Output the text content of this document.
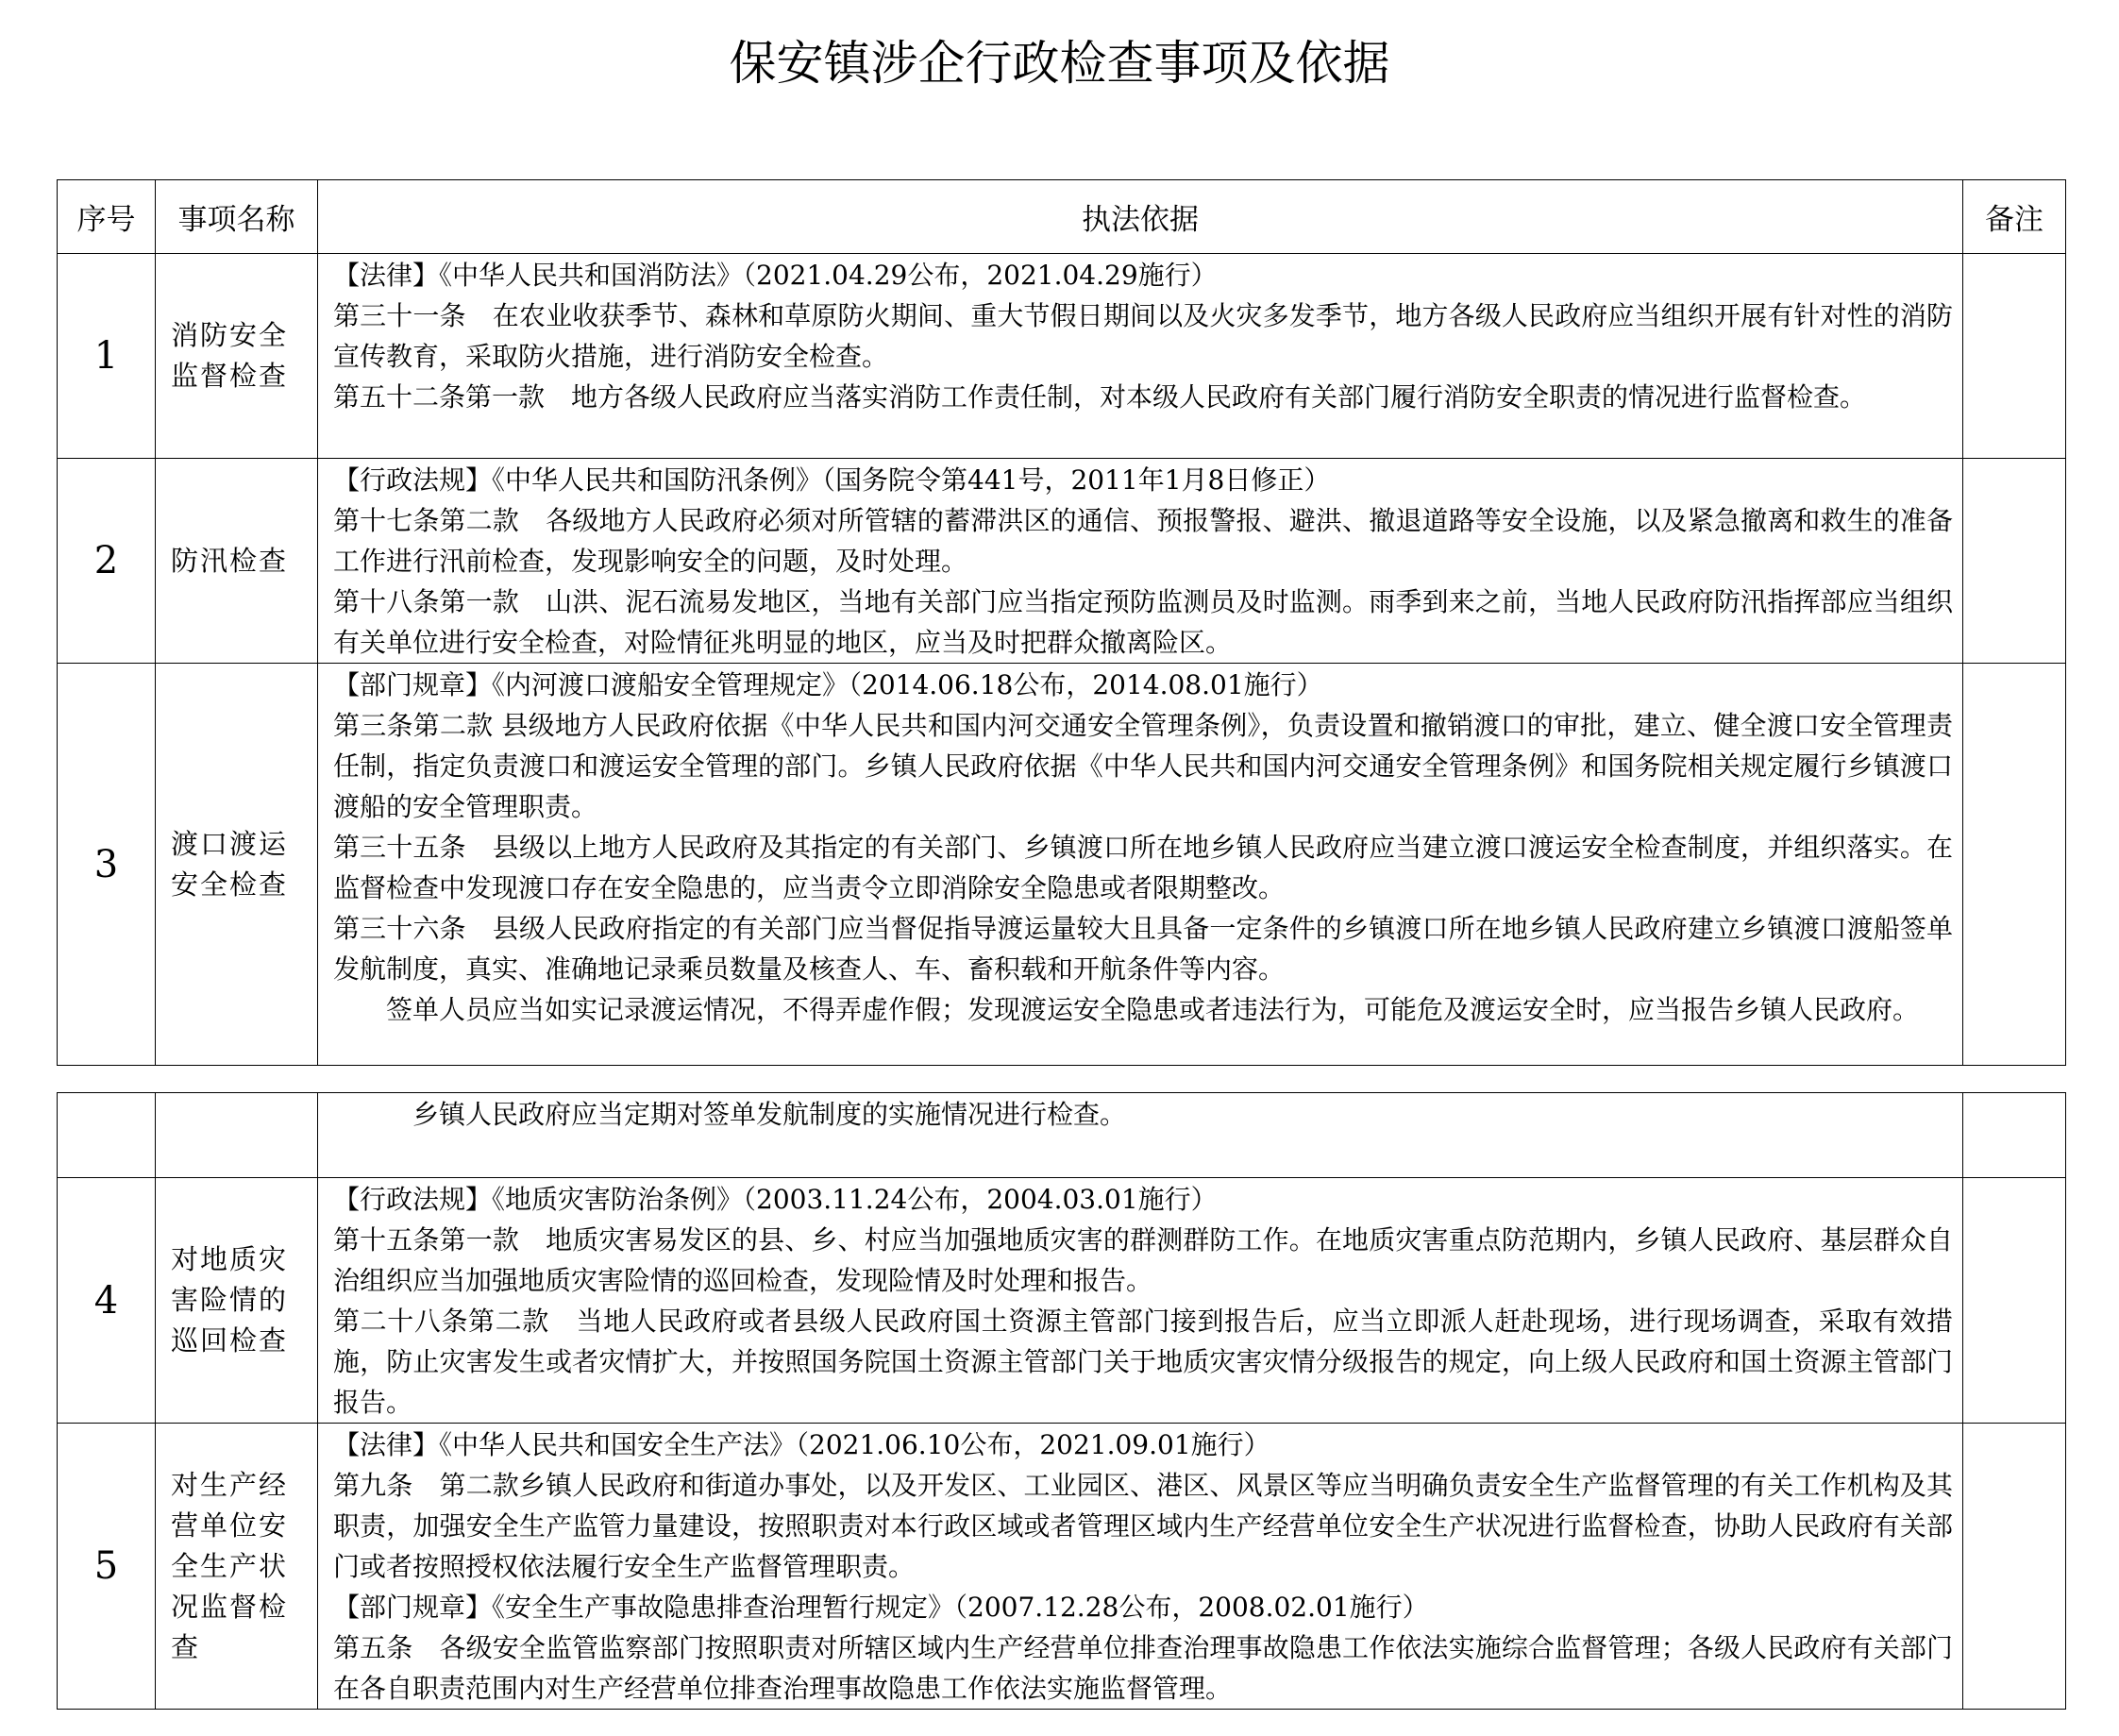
保安镇涉企行政检查事项及依据
序号	事项名称	执法依据	备注
1	消防安全监督检查	【法律】《中华人民共和国消防法》（2021.04.29公布，2021.04.29施行）

第三十一条　在农业收获季节、森林和草原防火期间、重大节假日期间以及火灾多发季节，地方各级人民政府应当组织开展有针对性的消防宣传教育，采取防火措施，进行消防安全检查。

第五十二条第一款　地方各级人民政府应当落实消防工作责任制，对本级人民政府有关部门履行消防安全职责的情况进行监督检查。	

2	防汛检查	【行政法规】《中华人民共和国防汛条例》（国务院令第441号，2011年1月8日修正）

第十七条第二款　各级地方人民政府必须对所管辖的蓄滞洪区的通信、预报警报、避洪、撤退道路等安全设施，以及紧急撤离和救生的准备工作进行汛前检查，发现影响安全的问题，及时处理。

第十八条第一款　山洪、泥石流易发地区，当地有关部门应当指定预防监测员及时监测。雨季到来之前，当地人民政府防汛指挥部应当组织有关单位进行安全检查，对险情征兆明显的地区，应当及时把群众撤离险区。	

3	渡口渡运安全检查	【部门规章】《内河渡口渡船安全管理规定》（2014.06.18公布，2014.08.01施行）

第三条第二款 县级地方人民政府依据《中华人民共和国内河交通安全管理条例》，负责设置和撤销渡口的审批，建立、健全渡口安全管理责任制，指定负责渡口和渡运安全管理的部门。乡镇人民政府依据《中华人民共和国内河交通安全管理条例》和国务院相关规定履行乡镇渡口渡船的安全管理职责。

第三十五条　县级以上地方人民政府及其指定的有关部门、乡镇渡口所在地乡镇人民政府应当建立渡口渡运安全检查制度，并组织落实。在监督检查中发现渡口存在安全隐患的，应当责令立即消除安全隐患或者限期整改。

第三十六条　县级人民政府指定的有关部门应当督促指导渡运量较大且具备一定条件的乡镇渡口所在地乡镇人民政府建立乡镇渡口渡船签单发航制度，真实、准确地记录乘员数量及核查人、车、畜积载和开航条件等内容。

签单人员应当如实记录渡运情况，不得弄虚作假；发现渡运安全隐患或者违法行为，可能危及渡运安全时，应当报告乡镇人民政府。	

		乡镇人民政府应当定期对签单发航制度的实施情况进行检查。	

4	对地质灾害险情的巡回检查	【行政法规】《地质灾害防治条例》（2003.11.24公布，2004.03.01施行）

第十五条第一款　地质灾害易发区的县、乡、村应当加强地质灾害的群测群防工作。在地质灾害重点防范期内，乡镇人民政府、基层群众自治组织应当加强地质灾害险情的巡回检查，发现险情及时处理和报告。

第二十八条第二款　当地人民政府或者县级人民政府国土资源主管部门接到报告后，应当立即派人赶赴现场，进行现场调查，采取有效措施，防止灾害发生或者灾情扩大，并按照国务院国土资源主管部门关于地质灾害灾情分级报告的规定，向上级人民政府和国土资源主管部门报告。	

5	对生产经营单位安全生产状况监督检查	【法律】《中华人民共和国安全生产法》（2021.06.10公布，2021.09.01施行）

第九条　第二款乡镇人民政府和街道办事处，以及开发区、工业园区、港区、风景区等应当明确负责安全生产监督管理的有关工作机构及其职责，加强安全生产监管力量建设，按照职责对本行政区域或者管理区域内生产经营单位安全生产状况进行监督检查，协助人民政府有关部门或者按照授权依法履行安全生产监督管理职责。

【部门规章】《安全生产事故隐患排查治理暂行规定》（2007.12.28公布，2008.02.01施行）

第五条　各级安全监管监察部门按照职责对所辖区域内生产经营单位排查治理事故隐患工作依法实施综合监督管理；各级人民政府有关部门在各自职责范围内对生产经营单位排查治理事故隐患工作依法实施监督管理。	
